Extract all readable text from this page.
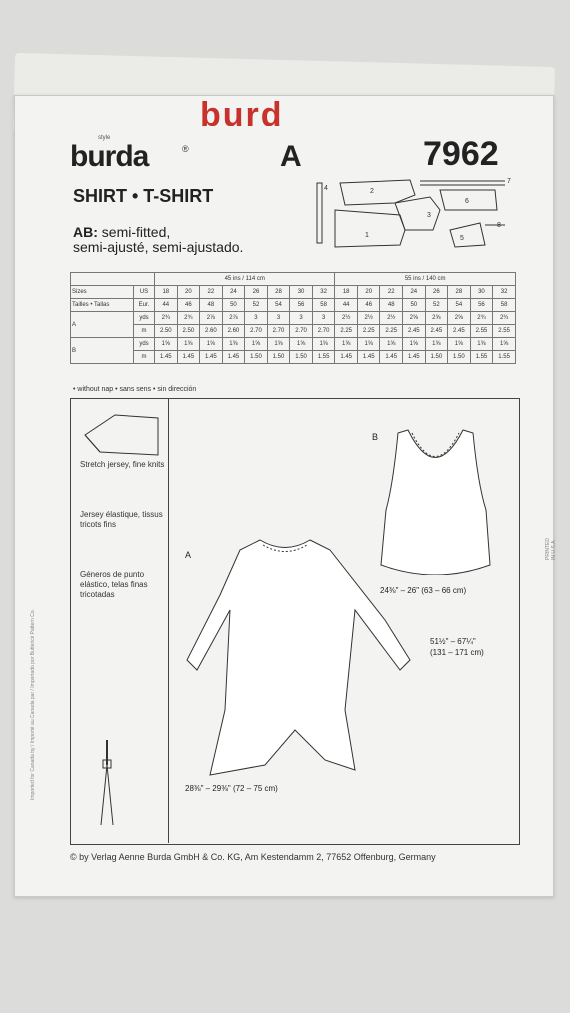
burd
style
burda	®	A	7962
SHIRT • T-SHIRT
AB: semi-fitted,
semi-ajusté, semi-ajustado.
2
1
3
4
5
6
7
8
		45 ins / 114 cm								55 ins / 140 cm							
Sizes	US	18	20	22	24	26	28	30	32	18	20	22	24	26	28	30	32
Tailles • Tallas	Eur.	44	46	48	50	52	54	56	58	44	46	48	50	52	54	56	58
A	yds	2¾	2¾	2⅞	2⅞	3	3	3	3	2½	2½	2½	2⅝	2⅝	2⅝	2¾	2¾
	m	2.50	2.50	2.60	2.60	2.70	2.70	2.70	2.70	2.25	2.25	2.25	2.45	2.45	2.45	2.55	2.55
B	yds	1⅝	1⅝	1⅝	1⅝	1⅝	1⅝	1⅝	1⅝	1⅝	1⅝	1⅝	1⅝	1⅝	1⅝	1⅝	1⅝
	m	1.45	1.45	1.45	1.45	1.50	1.50	1.50	1.55	1.45	1.45	1.45	1.45	1.50	1.50	1.55	1.55
• without nap • sans sens • sin dirección
Stretch jersey, fine knits
Jersey élastique, tissus tricots fins
Géneros de punto elástico, telas finas tricotadas
A
B
24⅜" – 26" (63 – 66 cm)
51½" – 67¼"
(131 – 171 cm)
28⅜" – 29⅜" (72 – 75 cm)
© by Verlag Aenne Burda GmbH & Co. KG, Am Kestendamm 2, 77652 Offenburg, Germany
Imported for Canada by / Importé au Canada par / Importado por Butterick Pattern Co.
PRINTED IN U.S.A.
